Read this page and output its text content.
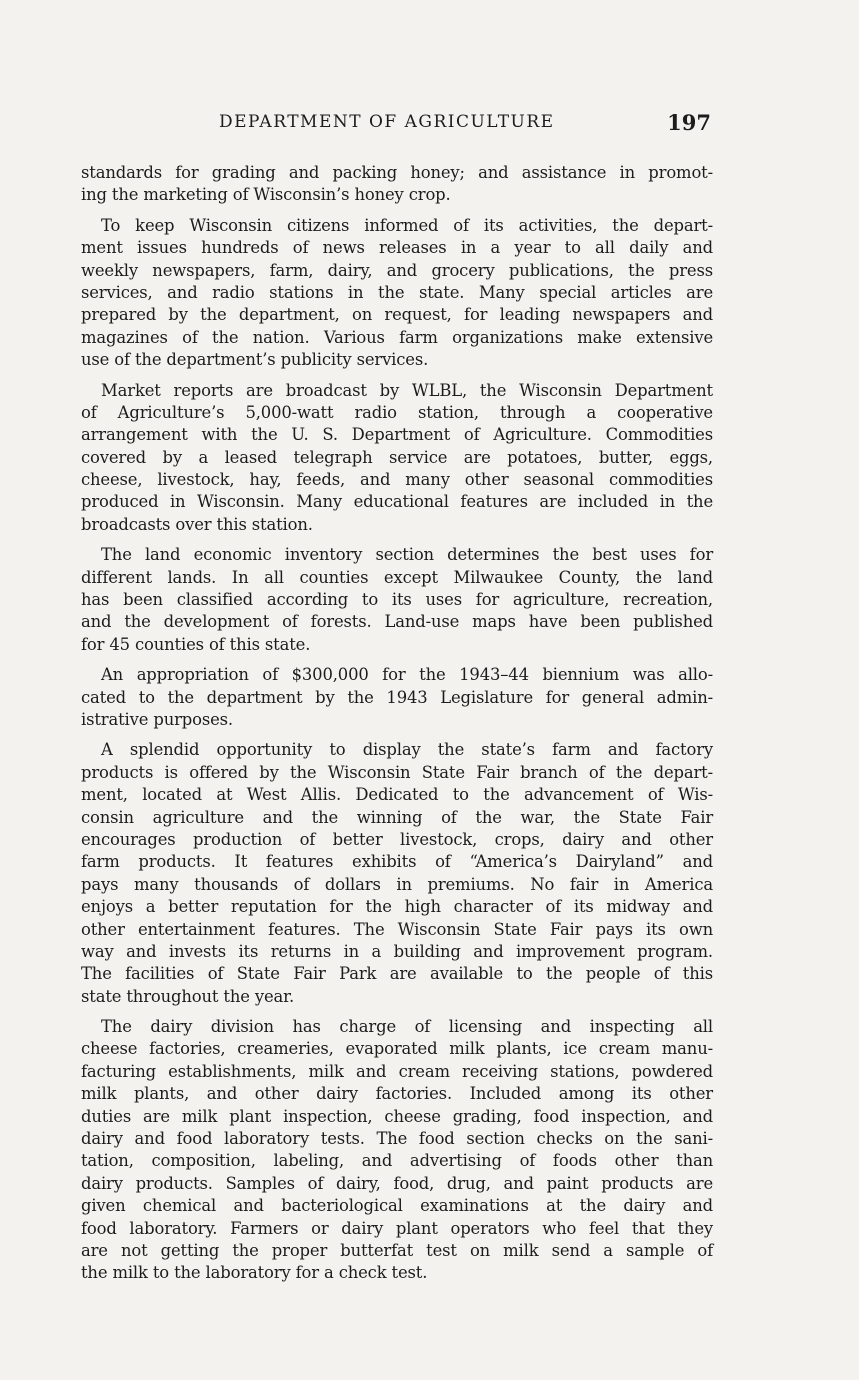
DEPARTMENT OF AGRICULTURE	197
standards for grading and packing honey; and assistance in promot-
ing the marketing of Wisconsin’s honey crop.
To keep Wisconsin citizens informed of its activities, the depart-
ment issues hundreds of news releases in a year to all daily and
weekly newspapers, farm, dairy, and grocery publications, the press
services, and radio stations in the state. Many special articles are
prepared by the department, on request, for leading newspapers and
magazines of the nation. Various farm organizations make extensive
use of the department’s publicity services.
Market reports are broadcast by WLBL, the Wisconsin Department
of Agriculture’s 5,000-watt radio station, through a cooperative
arrangement with the U. S. Department of Agriculture. Commodities
covered by a leased telegraph service are potatoes, butter, eggs,
cheese, livestock, hay, feeds, and many other seasonal commodities
produced in Wisconsin. Many educational features are included in the
broadcasts over this station.
The land economic inventory section determines the best uses for
different lands. In all counties except Milwaukee County, the land
has been classified according to its uses for agriculture, recreation,
and the development of forests. Land-use maps have been published
for 45 counties of this state.
An appropriation of $300,000 for the 1943–44 biennium was allo-
cated to the department by the 1943 Legislature for general admin-
istrative purposes.
A splendid opportunity to display the state’s farm and factory
products is offered by the Wisconsin State Fair branch of the depart-
ment, located at West Allis. Dedicated to the advancement of Wis-
consin agriculture and the winning of the war, the State Fair
encourages production of better livestock, crops, dairy and other
farm products. It features exhibits of “America’s Dairyland” and
pays many thousands of dollars in premiums. No fair in America
enjoys a better reputation for the high character of its midway and
other entertainment features. The Wisconsin State Fair pays its own
way and invests its returns in a building and improvement program.
The facilities of State Fair Park are available to the people of this
state throughout the year.
The dairy division has charge of licensing and inspecting all
cheese factories, creameries, evaporated milk plants, ice cream manu-
facturing establishments, milk and cream receiving stations, powdered
milk plants, and other dairy factories. Included among its other
duties are milk plant inspection, cheese grading, food inspection, and
dairy and food laboratory tests. The food section checks on the sani-
tation, composition, labeling, and advertising of foods other than
dairy products. Samples of dairy, food, drug, and paint products are
given chemical and bacteriological examinations at the dairy and
food laboratory. Farmers or dairy plant operators who feel that they
are not getting the proper butterfat test on milk send a sample of
the milk to the laboratory for a check test.
